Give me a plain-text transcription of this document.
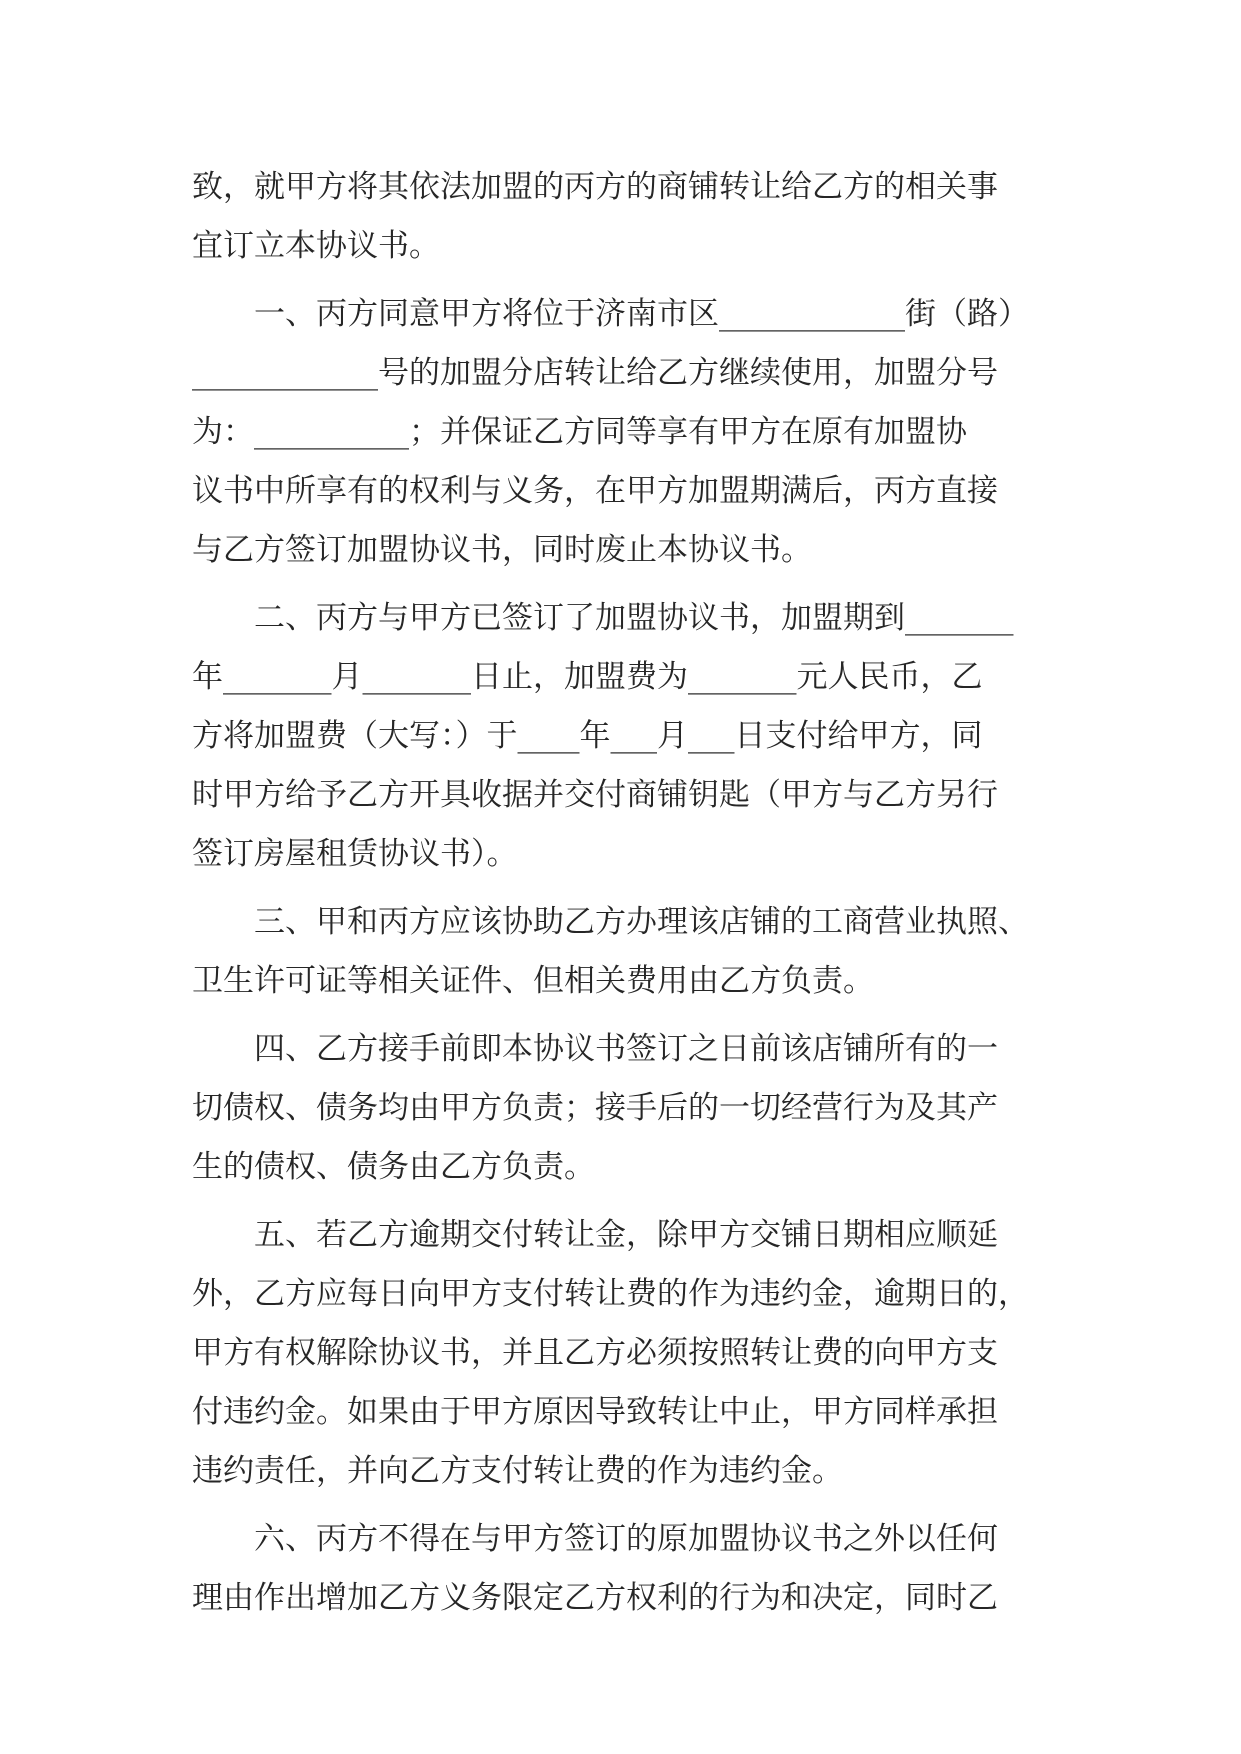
致，就甲方将其依法加盟的丙方的商铺转让给乙方的相关事
宜订立本协议书。
一、丙方同意甲方将位于济南市区____________街（路）
____________号的加盟分店转让给乙方继续使用，加盟分号
为：__________；并保证乙方同等享有甲方在原有加盟协
议书中所享有的权利与义务，在甲方加盟期满后，丙方直接
与乙方签订加盟协议书，同时废止本协议书。
二、丙方与甲方已签订了加盟协议书，加盟期到_______
年_______月_______日止，加盟费为_______元人民币，乙
方将加盟费（大写：）于____年___月___日支付给甲方，同
时甲方给予乙方开具收据并交付商铺钥匙（甲方与乙方另行
签订房屋租赁协议书）。
三、甲和丙方应该协助乙方办理该店铺的工商营业执照、
卫生许可证等相关证件、但相关费用由乙方负责。
四、乙方接手前即本协议书签订之日前该店铺所有的一
切债权、债务均由甲方负责；接手后的一切经营行为及其产
生的债权、债务由乙方负责。
五、若乙方逾期交付转让金，除甲方交铺日期相应顺延
外，乙方应每日向甲方支付转让费的作为违约金，逾期日的，
甲方有权解除协议书，并且乙方必须按照转让费的向甲方支
付违约金。如果由于甲方原因导致转让中止，甲方同样承担
违约责任，并向乙方支付转让费的作为违约金。
六、丙方不得在与甲方签订的原加盟协议书之外以任何
理由作出增加乙方义务限定乙方权利的行为和决定，同时乙
